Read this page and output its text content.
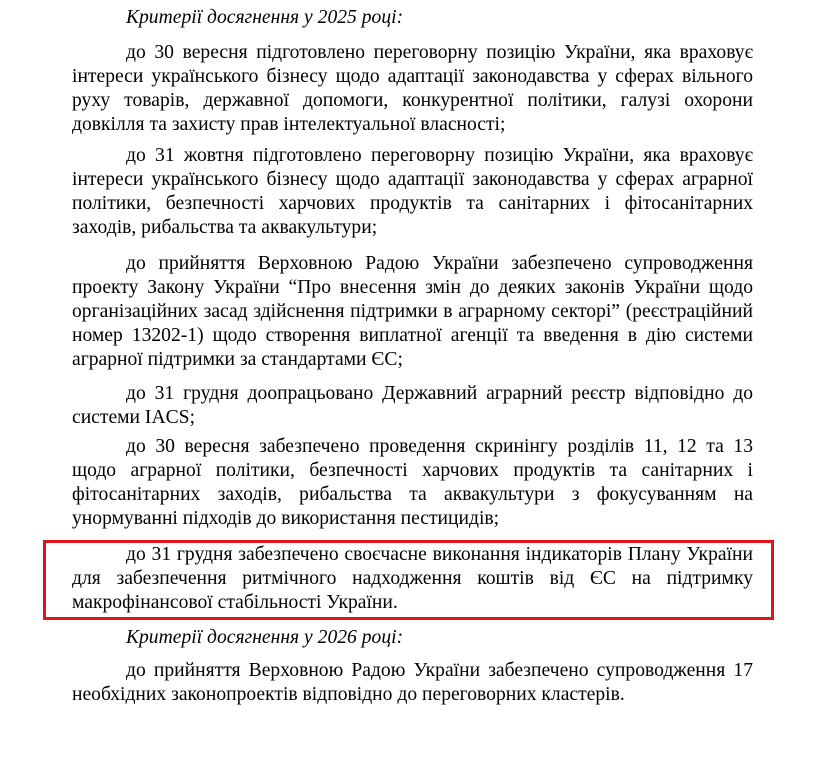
Критерії досягнення у 2025 році:

до 30 вересня підготовлено переговорну позицію України, яка враховує інтереси українського бізнесу щодо адаптації законодавства у сферах вільного руху товарів, державної допомоги, конкурентної політики, галузі охорони довкілля та захисту прав інтелектуальної власності;

до 31 жовтня підготовлено переговорну позицію України, яка враховує інтереси українського бізнесу щодо адаптації законодавства у сферах аграрної політики, безпечності харчових продуктів та санітарних і фітосанітарних заходів, рибальства та аквакультури;

до прийняття Верховною Радою України забезпечено супроводження проекту Закону України “Про внесення змін до деяких законів України щодо організаційних засад здійснення підтримки в аграрному секторі” (реєстраційний номер 13202-1) щодо створення виплатної агенції та введення в дію системи аграрної підтримки за стандартами ЄС;

до 31 грудня доопрацьовано Державний аграрний реєстр відповідно до системи IACS;

до 30 вересня забезпечено проведення скринінгу розділів 11, 12 та 13 щодо аграрної політики, безпечності харчових продуктів та санітарних і фітосанітарних заходів, рибальства та аквакультури з фокусуванням на унормуванні підходів до використання пестицидів;

до 31 грудня забезпечено своєчасне виконання індикаторів Плану України для забезпечення ритмічного надходження коштів від ЄС на підтримку макрофінансової стабільності України.

Критерії досягнення у 2026 році:

до прийняття Верховною Радою України забезпечено супроводження 17 необхідних законопроектів відповідно до переговорних кластерів.
